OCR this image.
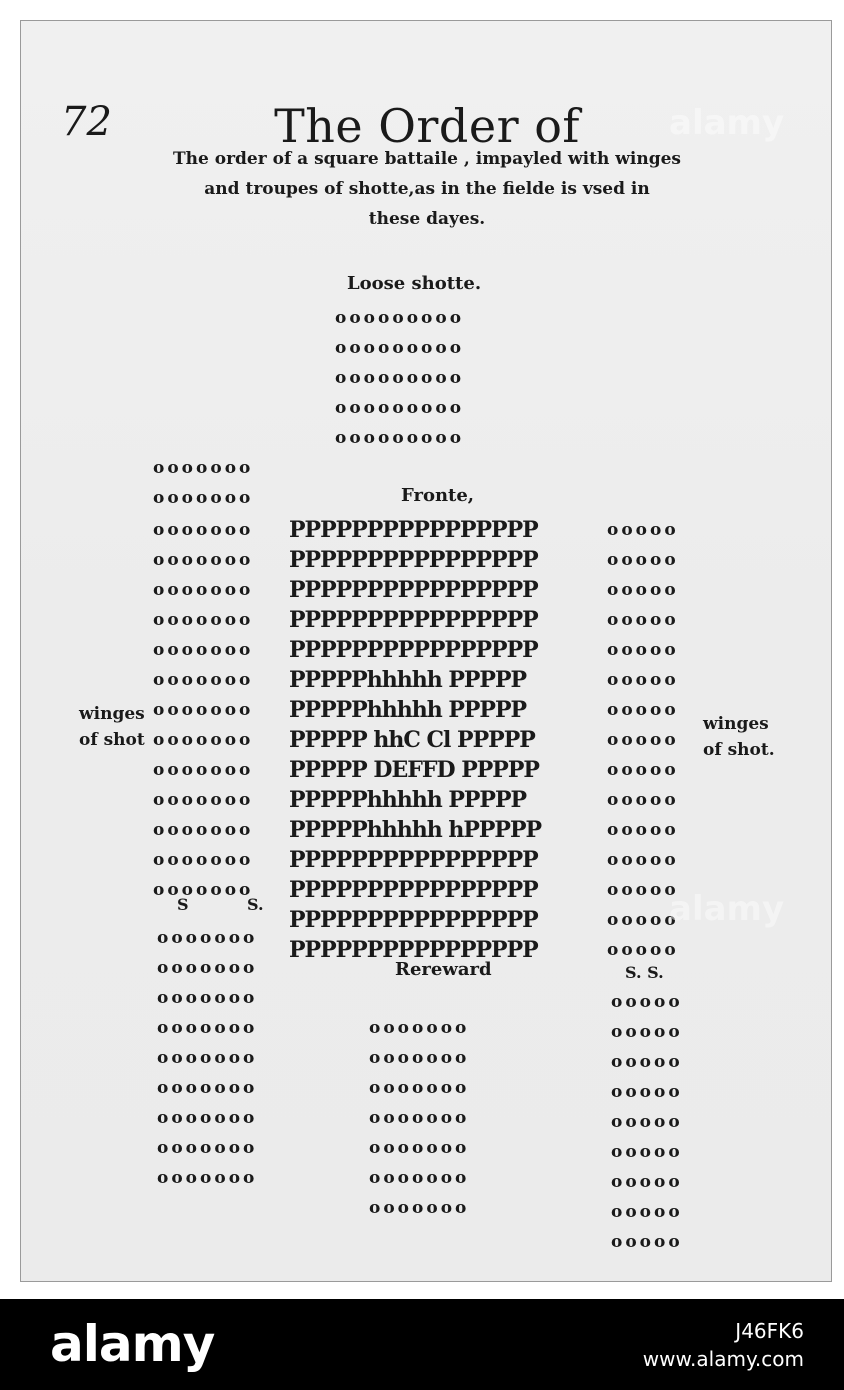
72	The Order of
The order of a square battaile , impayled with winges
and troupes of shotte,as in the fielde is vsed in
these dayes.
Loose shotte.
ooooooooo
ooooooooo
ooooooooo
ooooooooo
ooooooooo
Fronte,
ooooooo
ooooooo
ooooooo
ooooooo
ooooooo
ooooooo
ooooooo
ooooooo
ooooooo
ooooooo
ooooooo
ooooooo
ooooooo
ooooooo
ooooooo
PPPPPPPPPPPPPPPP
PPPPPPPPPPPPPPPP
PPPPPPPPPPPPPPPP
PPPPPPPPPPPPPPPP
PPPPPPPPPPPPPPPP
PPPPPhhhhh PPPPP
PPPPPhhhhh PPPPP
PPPPP hhC Cl PPPPP
PPPPP DEFFD PPPPP
PPPPPhhhhh PPPPP
PPPPPhhhhh hPPPPP
PPPPPPPPPPPPPPPP
PPPPPPPPPPPPPPPP
PPPPPPPPPPPPPPPP
PPPPPPPPPPPPPPPP
ooooo
ooooo
ooooo
ooooo
ooooo
ooooo
ooooo
ooooo
ooooo
ooooo
ooooo
ooooo
ooooo
ooooo
ooooo
winges
of shot
winges
of shot.
S	S.
S. S.
Rereward
ooooooo
ooooooo
ooooooo
ooooooo
ooooooo
ooooooo
ooooooo
ooooooo
ooooooo
ooooooo
ooooooo
ooooooo
ooooooo
ooooooo
ooooooo
ooooooo
ooooo
ooooo
ooooo
ooooo
ooooo
ooooo
ooooo
ooooo
ooooo
alamy
alamy
alamy	J46FK6
www.alamy.com
